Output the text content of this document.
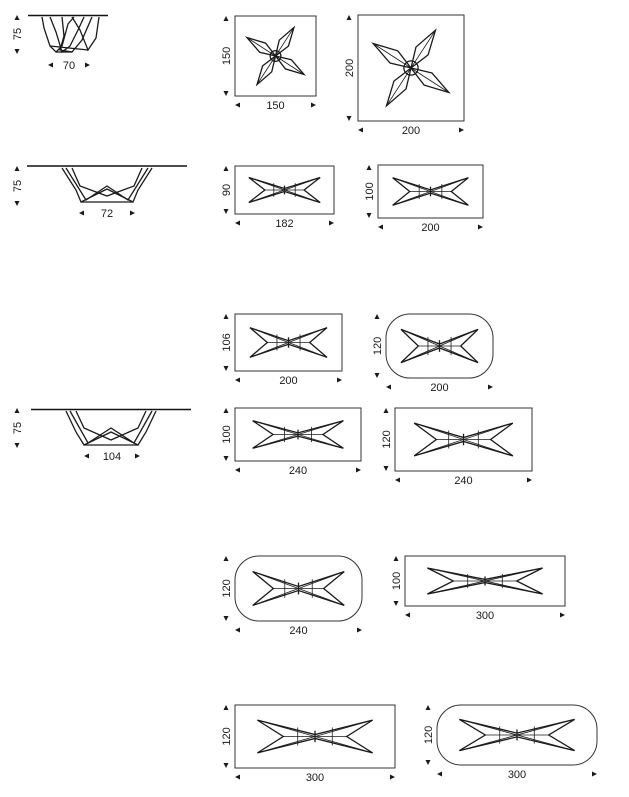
75
70
75
72
75
104
150
150
200
200
90
182
100
200
106
200
120
200
100
240
120
240
120
240
100
300
120
300
120
300
